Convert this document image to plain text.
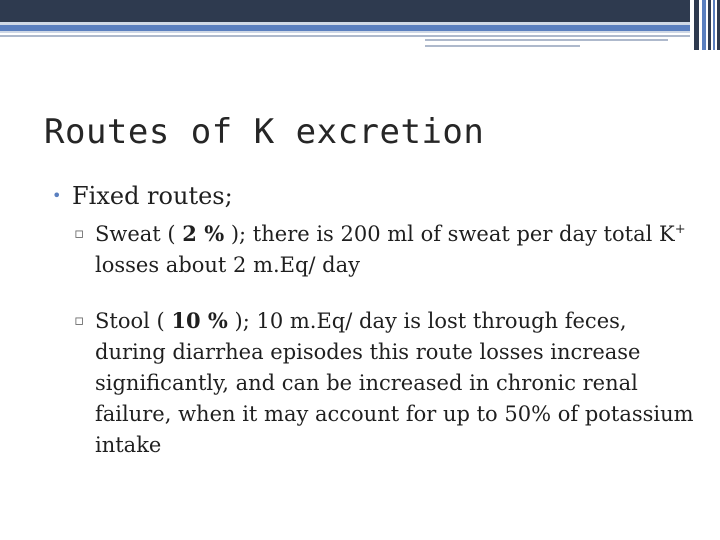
Routes of K excretion
• Fixed routes;
▫ Sweat ( 2 % ); there is 200 ml of sweat per day total K+ losses about 2 m.Eq/ day
▫ Stool ( 10 % ); 10 m.Eq/ day is lost through feces, during diarrhea episodes this route losses increase significantly, and can be increased in chronic renal failure, when it may account for up to 50% of potassium intake
